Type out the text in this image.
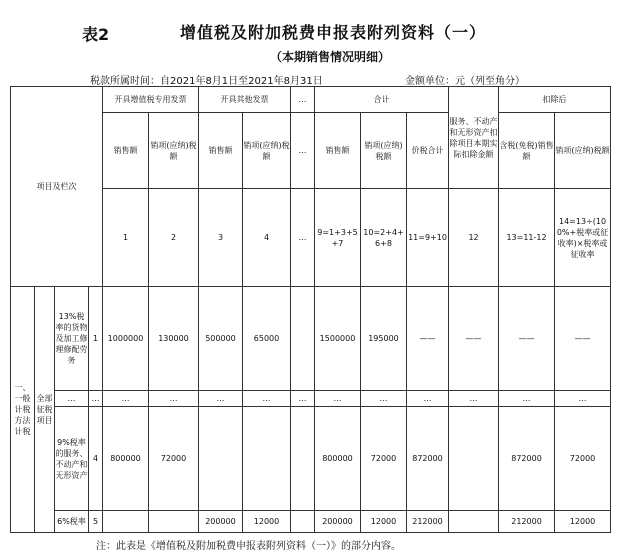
表2	增值税及附加税费申报表附列资料（一）
（本期销售情况明细）
税款所属时间：自2021年8月1日至2021年8月31日	金额单位：元（列至角分）
项目及栏次				开具增值税专用发票		开具其他发票		…	合计			服务、不动产和无形资产扣除项目本期实际扣除金额	扣除后	
				销售额	销项(应纳)税额	销售额	销项(应纳)税额	…	销售额	销项(应纳)税额	价税合计		含税(免税)销售额	销项(应纳)税额
				1	2	3	4	…	9=1+3+5+7	10=2+4+6+8	11=9+10	12	13=11-12	14=13÷(100%+税率或征收率)×税率或征收率
一、一般计税方法计税	全部征税项目	13%税率的货物及加工修理修配劳务	1	1000000	130000	500000	65000		1500000	195000	——	——	——	——
		…	…	…	…	…	…	…	…	…	…	…	…	…
		9%税率的服务、不动产和无形资产	4	800000	72000				800000	72000	872000		872000	72000
		6%税率	5			200000	12000		200000	12000	212000		212000	12000
注：此表是《增值税及附加税费申报表附列资料（一）》的部分内容。
